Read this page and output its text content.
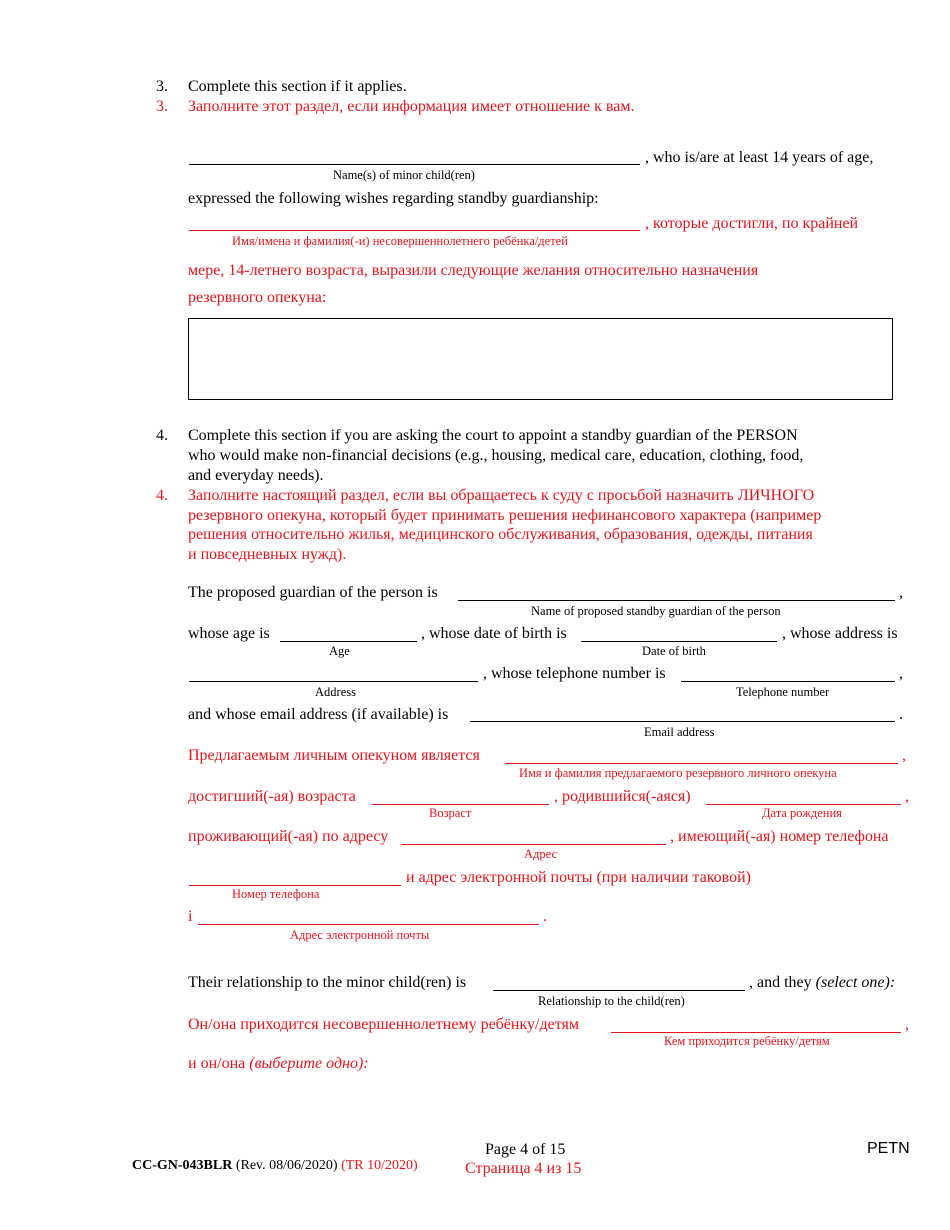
3. Complete this section if it applies.
3. Заполните этот раздел, если информация имеет отношение к вам.
, who is/are at least 14 years of age,
Name(s) of minor child(ren)
expressed the following wishes regarding standby guardianship:
, которые достигли, по крайней
Имя/имена и фамилия(-и) несовершеннолетнего ребёнка/детей
мере, 14-летнего возраста, выразили следующие желания относительно назначения
резервного опекуна:
4. Complete this section if you are asking the court to appoint a standby guardian of the PERSON
who would make non-financial decisions (e.g., housing, medical care, education, clothing, food,
and everyday needs).
4. Заполните настоящий раздел, если вы обращаетесь к суду с просьбой назначить ЛИЧНОГО
резервного опекуна, который будет принимать решения нефинансового характера (например
решения относительно жилья, медицинского обслуживания, образования, одежды, питания
и повседневных нужд).
The proposed guardian of the person is	,
Name of proposed standby guardian of the person
whose age is	, whose date of birth is	, whose address is
Age	Date of birth
, whose telephone number is	,
Address	Telephone number
and whose email address (if available) is	.
Email address
Предлагаемым личным опекуном является	,
Имя и фамилия предлагаемого резервного личного опекуна
достигший(-ая) возраста	, родившийся(-аяся)	,
Возраст	Дата рождения
проживающий(-ая) по адресу	, имеющий(-ая) номер телефона
Адрес
и адрес электронной почты (при наличии таковой)
Номер телефона
i	.
Адрес электронной почты
Their relationship to the minor child(ren) is	, and they (select one):
Relationship to the child(ren)
Он/она приходится несовершеннолетнему ребёнку/детям	,
Кем приходится ребёнку/детям
и он/она (выберите одно):
Page 4 of 15
Страница 4 из 15
PETN
CC-GN-043BLR (Rev. 08/06/2020) (TR 10/2020)
